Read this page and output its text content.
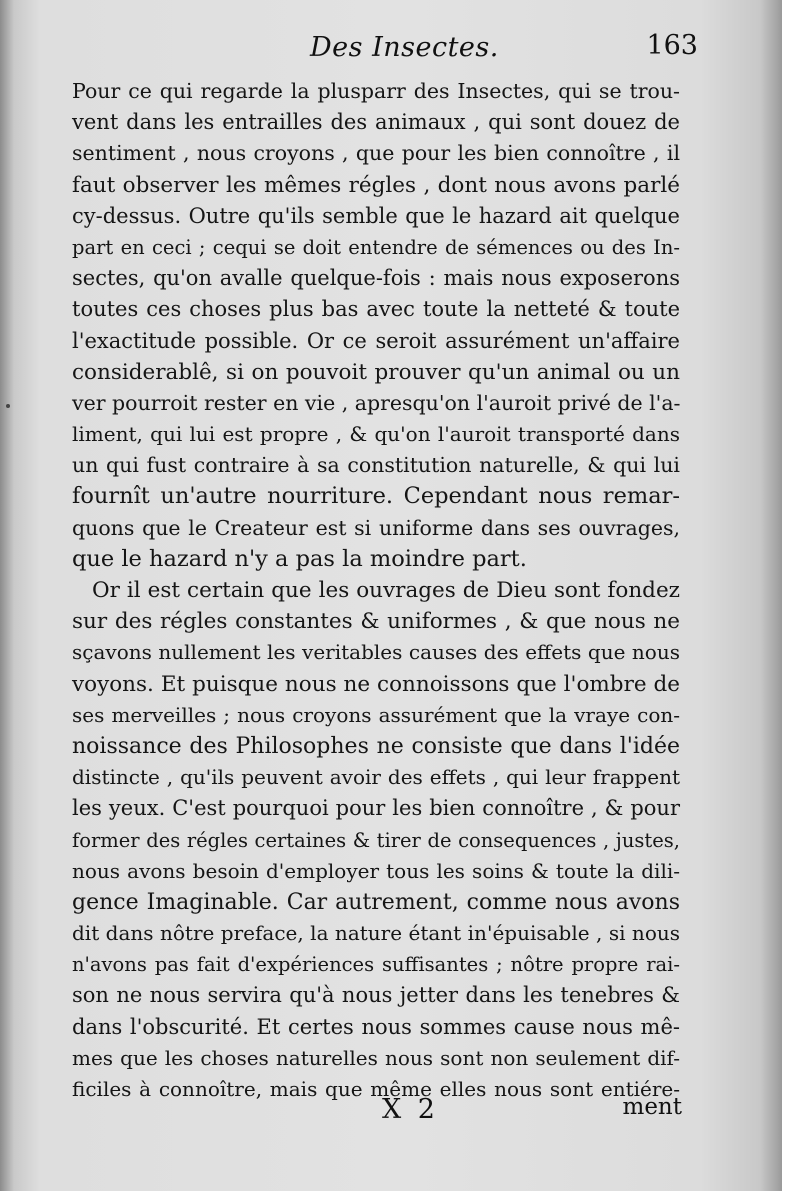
Des Insectes.	163
Pour ce qui regarde la plusparr des Insectes, qui se trou-
vent dans les entrailles des animaux , qui sont douez de
sentiment , nous croyons , que pour les bien connoître , il
faut observer les mêmes régles , dont nous avons parlé
cy-dessus. Outre qu'ils semble que le hazard ait quelque
part en ceci ; cequi se doit entendre de sémences ou des In-
sectes, qu'on avalle quelque-fois : mais nous exposerons
toutes ces choses plus bas avec toute la netteté & toute
l'exactitude possible. Or ce seroit assurément un'affaire
considerablê, si on pouvoit prouver qu'un animal ou un
ver pourroit rester en vie , apresqu'on l'auroit privé de l'a-
liment, qui lui est propre , & qu'on l'auroit transporté dans
un qui fust contraire à sa constitution naturelle, & qui lui
fournît un'autre nourriture. Cependant nous remar-
quons que le Createur est si uniforme dans ses ouvrages,
que le hazard n'y a pas la moindre part.
Or il est certain que les ouvrages de Dieu sont fondez
sur des régles constantes & uniformes , & que nous ne
sçavons nullement les veritables causes des effets que nous
voyons. Et puisque nous ne connoissons que l'ombre de
ses merveilles ; nous croyons assurément que la vraye con-
noissance des Philosophes ne consiste que dans l'idée
distincte , qu'ils peuvent avoir des effets , qui leur frappent
les yeux. C'est pourquoi pour les bien connoître , & pour
former des régles certaines & tirer de consequences , justes,
nous avons besoin d'employer tous les soins & toute la dili-
gence Imaginable. Car autrement, comme nous avons
dit dans nôtre preface, la nature étant in'épuisable , si nous
n'avons pas fait d'expériences suffisantes ; nôtre propre rai-
son ne nous servira qu'à nous jetter dans les tenebres &
dans l'obscurité. Et certes nous sommes cause nous mê-
mes que les choses naturelles nous sont non seulement dif-
ficiles à connoître, mais que même elles nous sont entiére-
X 2	ment
